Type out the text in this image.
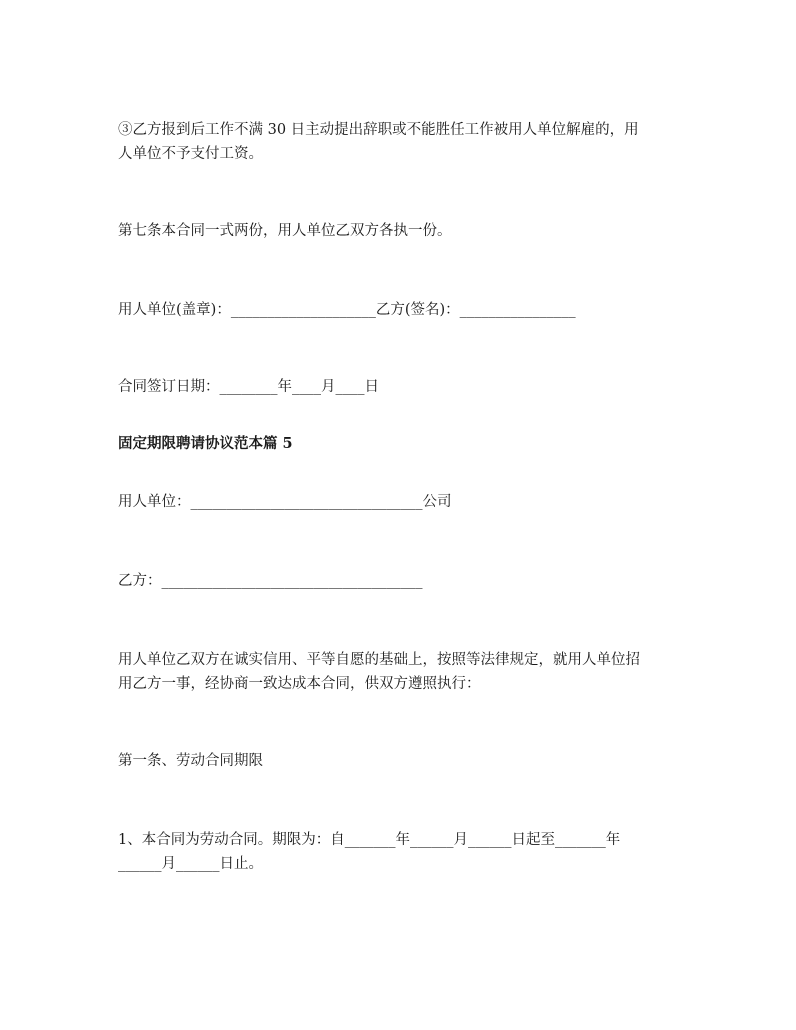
③乙方报到后工作不满 30 日主动提出辞职或不能胜任工作被用人单位解雇的，用

人单位不予支付工资。

第七条本合同一式两份，用人单位乙双方各执一份。

用人单位(盖章)：____________________乙方(签名)：________________

合同签订日期：________年____月____日

固定期限聘请协议范本篇 5

用人单位：________________________________公司

乙方：____________________________________

用人单位乙双方在诚实信用、平等自愿的基础上，按照等法律规定，就用人单位招

用乙方一事，经协商一致达成本合同，供双方遵照执行：

第一条、劳动合同期限

1、本合同为劳动合同。期限为：自_______年______月______日起至_______年

______月______日止。
